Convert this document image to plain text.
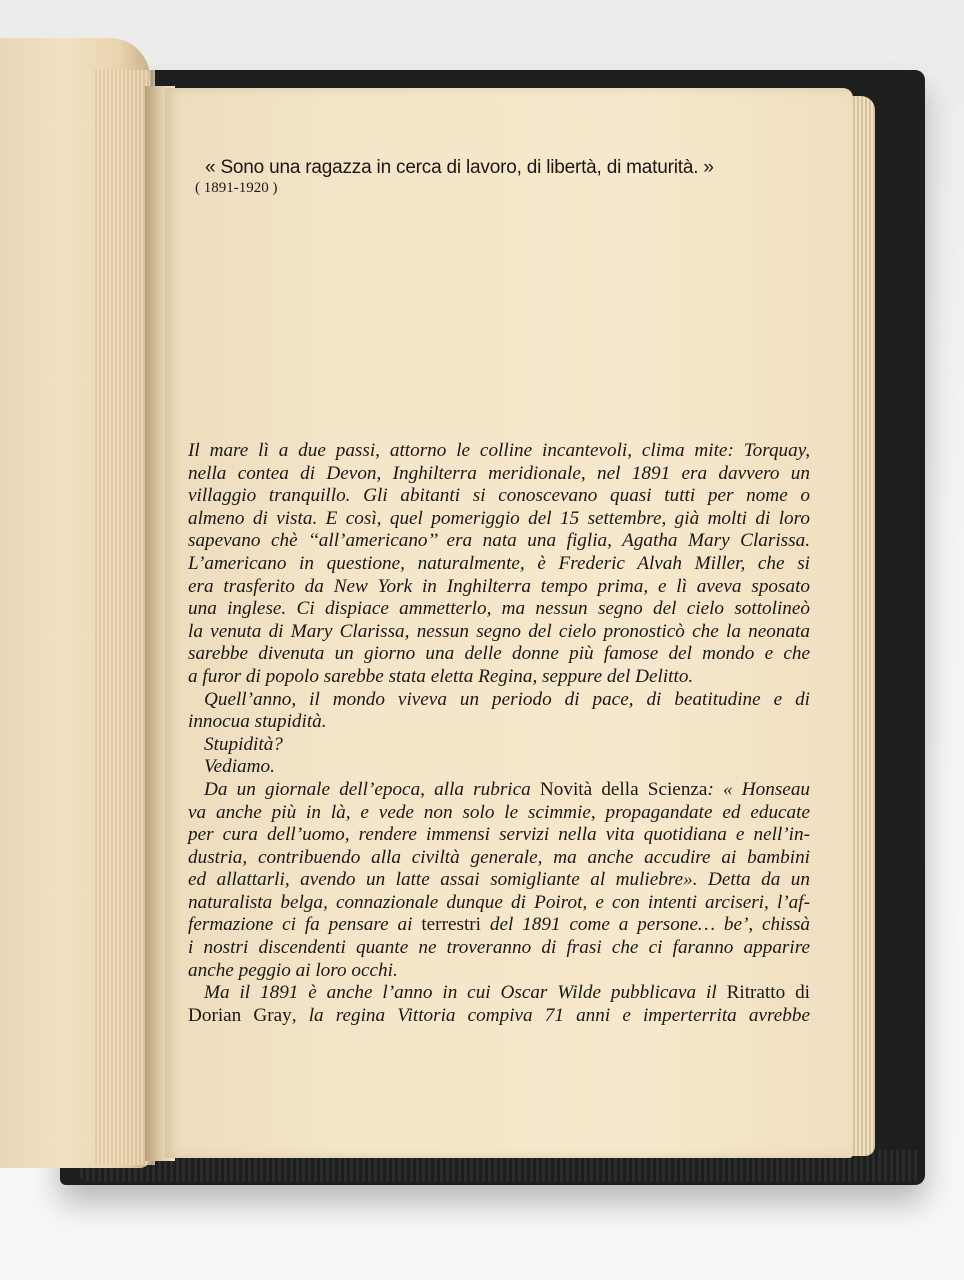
« Sono una ragazza in cerca di lavoro, di libertà, di maturità. »
( 1891-1920 )

Il mare lì a due passi, attorno le colline incantevoli, clima mite: Torquay,
nella contea di Devon, Inghilterra meridionale, nel 1891 era davvero un
villaggio tranquillo. Gli abitanti si conoscevano quasi tutti per nome o
almeno di vista. E così, quel pomeriggio del 15 settembre, già molti di loro
sapevano chè ‘‘all’americano’’ era nata una figlia, Agatha Mary Clarissa.
L’americano in questione, naturalmente, è Frederic Alvah Miller, che si
era trasferito da New York in Inghilterra tempo prima, e lì aveva sposato
una inglese. Ci dispiace ammetterlo, ma nessun segno del cielo sottolineò
la venuta di Mary Clarissa, nessun segno del cielo pronosticò che la neonata
sarebbe divenuta un giorno una delle donne più famose del mondo e che
a furor di popolo sarebbe stata eletta Regina, seppure del Delitto.

Quell’anno, il mondo viveva un periodo di pace, di beatitudine e di
innocua stupidità.

Stupidità?

Vediamo.

Da un giornale dell’epoca, alla rubrica Novità della Scienza: « Honseau
va anche più in là, e vede non solo le scimmie, propagandate ed educate
per cura dell’uomo, rendere immensi servizi nella vita quotidiana e nell’in-
dustria, contribuendo alla civiltà generale, ma anche accudire ai bambini
ed allattarli, avendo un latte assai somigliante al muliebre». Detta da un
naturalista belga, connazionale dunque di Poirot, e con intenti arciseri, l’af-
fermazione ci fa pensare ai terrestri del 1891 come a persone… be’, chissà
i nostri discendenti quante ne troveranno di frasi che ci faranno apparire
anche peggio ai loro occhi.

Ma il 1891 è anche l’anno in cui Oscar Wilde pubblicava il Ritratto di
Dorian Gray, la regina Vittoria compiva 71 anni e imperterrita avrebbe
